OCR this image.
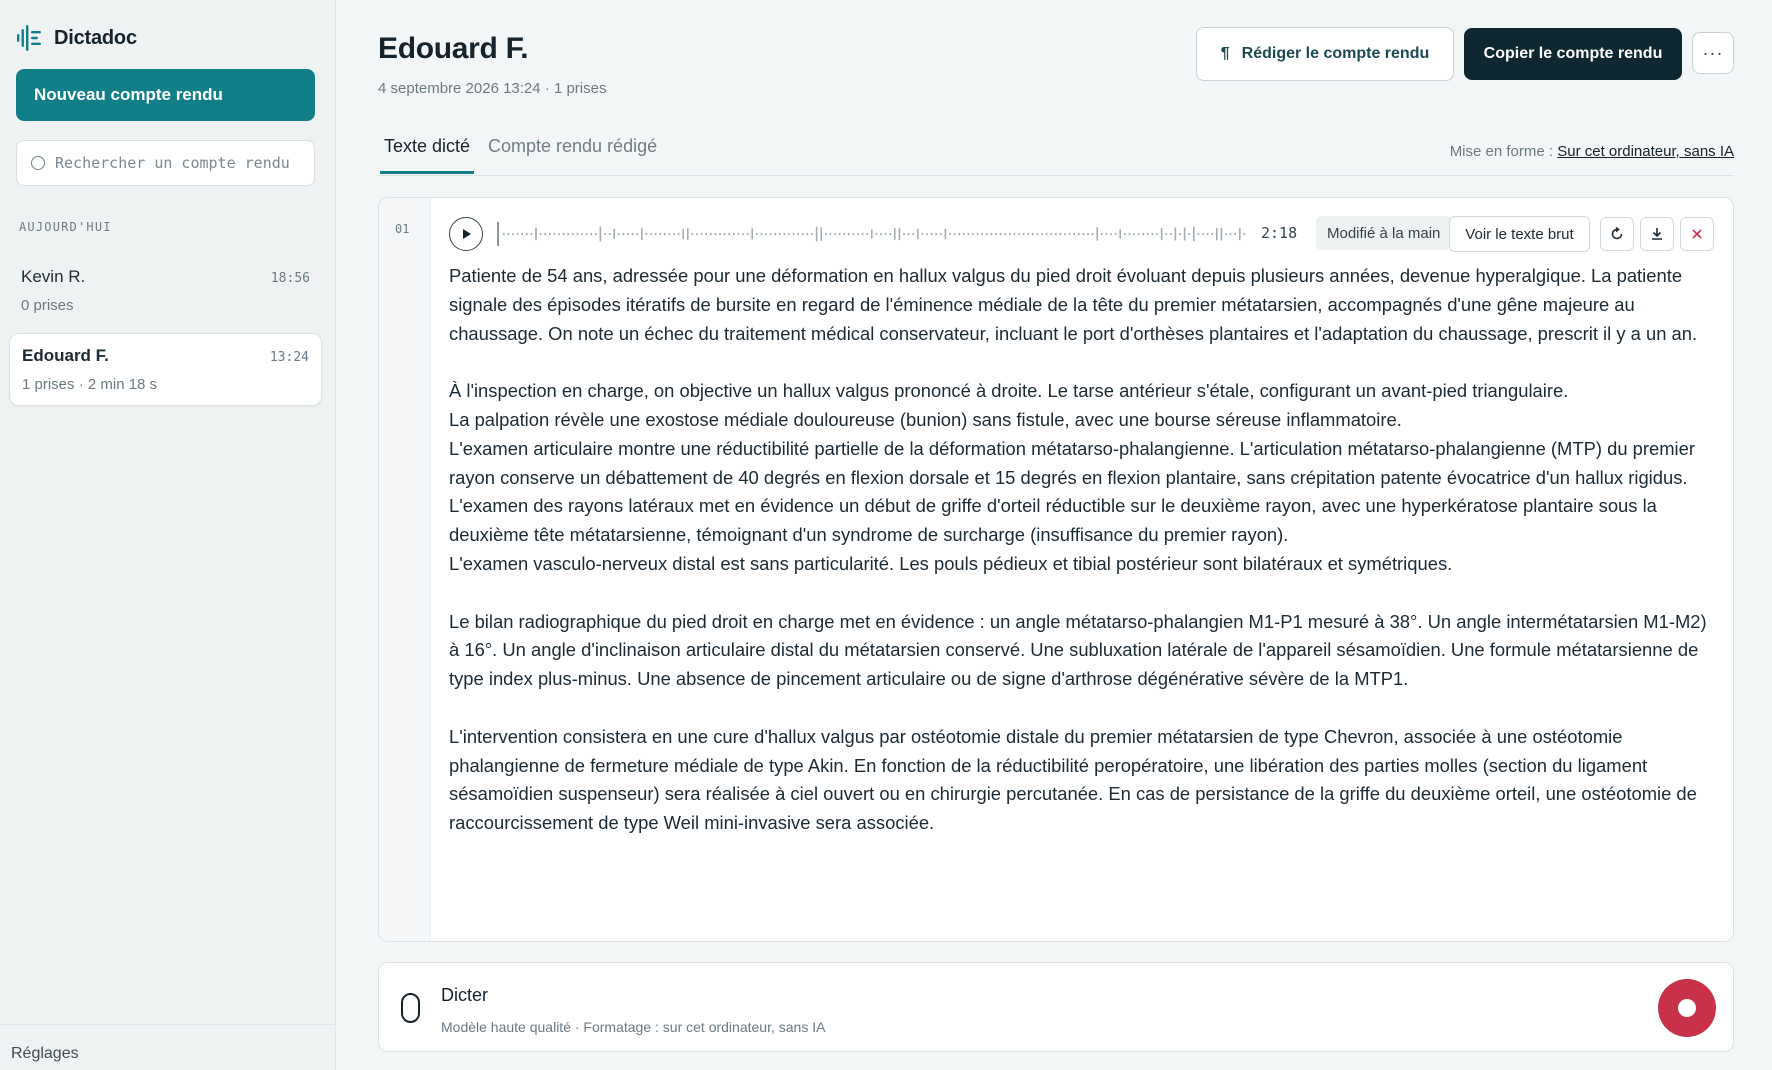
Dictadoc
Nouveau compte rendu
Rechercher un compte rendu
AUJOURD'HUI
Kevin R.	18:56
0 prises
Edouard F.	13:24
1 prises · 2 min 18 s
Réglages
Edouard F.
4 septembre 2026 13:24 · 1 prises
¶ Rédiger le compte rendu	Copier le compte rendu	···
Texte dicté Compte rendu rédigé	Mise en forme : Sur cet ordinateur, sans IA
01	2:18	Modifié à la main	Voir le texte brut

Patiente de 54 ans, adressée pour une déformation en hallux valgus du pied droit évoluant depuis plusieurs années, devenue hyperalgique. La patiente signale des épisodes itératifs de bursite en regard de l'éminence médiale de la tête du premier métatarsien, accompagnés d'une gêne majeure au chaussage. On note un échec du traitement médical conservateur, incluant le port d'orthèses plantaires et l'adaptation du chaussage, prescrit il y a un an.

À l'inspection en charge, on objective un hallux valgus prononcé à droite. Le tarse antérieur s'étale, configurant un avant-pied triangulaire.
La palpation révèle une exostose médiale douloureuse (bunion) sans fistule, avec une bourse séreuse inflammatoire.
L'examen articulaire montre une réductibilité partielle de la déformation métatarso-phalangienne. L'articulation métatarso-phalangienne (MTP) du premier rayon conserve un débattement de 40 degrés en flexion dorsale et 15 degrés en flexion plantaire, sans crépitation patente évocatrice d'un hallux rigidus.
L'examen des rayons latéraux met en évidence un début de griffe d'orteil réductible sur le deuxième rayon, avec une hyperkératose plantaire sous la deuxième tête métatarsienne, témoignant d'un syndrome de surcharge (insuffisance du premier rayon).
L'examen vasculo-nerveux distal est sans particularité. Les pouls pédieux et tibial postérieur sont bilatéraux et symétriques.

Le bilan radiographique du pied droit en charge met en évidence : un angle métatarso-phalangien M1-P1 mesuré à 38°. Un angle intermétatarsien M1-M2) à 16°. Un angle d'inclinaison articulaire distal du métatarsien conservé. Une subluxation latérale de l'appareil sésamoïdien. Une formule métatarsienne de type index plus-minus. Une absence de pincement articulaire ou de signe d'arthrose dégénérative sévère de la MTP1.

L'intervention consistera en une cure d'hallux valgus par ostéotomie distale du premier métatarsien de type Chevron, associée à une ostéotomie phalangienne de fermeture médiale de type Akin. En fonction de la réductibilité peropératoire, une libération des parties molles (section du ligament sésamoïdien suspenseur) sera réalisée à ciel ouvert ou en chirurgie percutanée. En cas de persistance de la griffe du deuxième orteil, une ostéotomie de raccourcissement de type Weil mini-invasive sera associée.

Dicter
Modèle haute qualité · Formatage : sur cet ordinateur, sans IA
